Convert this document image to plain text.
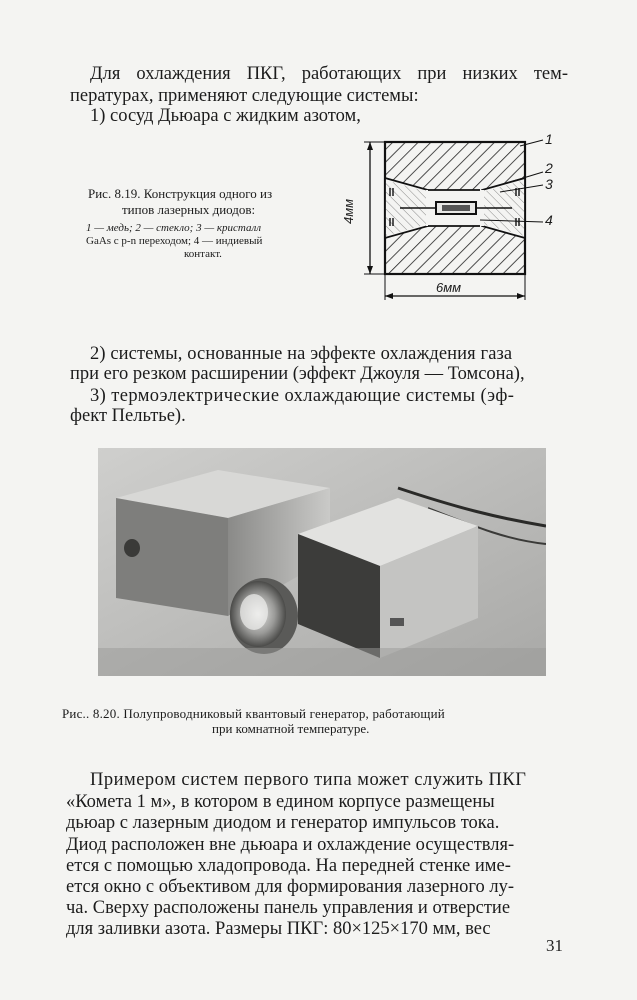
Для охлаждения ПКГ, работающих при низких тем-
пературах, применяют следующие системы:
1) сосуд Дьюара с жидким азотом,
Рис. 8.19. Конструкция одного из
типов лазерных диодов:
1 — медь; 2 — стекло; 3 — кристалл
GaAs с p-n переходом; 4 — индиевый
контакт.
4мм
6мм
1
2
3
4
2) системы, основанные на эффекте охлаждения газа
при его резком расширении (эффект Джоуля — Томсона),
3) термоэлектрические охлаждающие системы (эф-
фект Пельтье).
Рис.. 8.20. Полупроводниковый квантовый генератор, работающий
при комнатной температуре.
Примером систем первого типа может служить ПКГ
«Комета 1 м», в котором в едином корпусе размещены
дьюар с лазерным диодом и генератор импульсов тока.
Диод расположен вне дьюара и охлаждение осуществля-
ется с помощью хладопровода. На передней стенке име-
ется окно с объективом для формирования лазерного лу-
ча. Сверху расположены панель управления и отверстие
для заливки азота. Размеры ПКГ: 80×125×170 мм, вес
31
